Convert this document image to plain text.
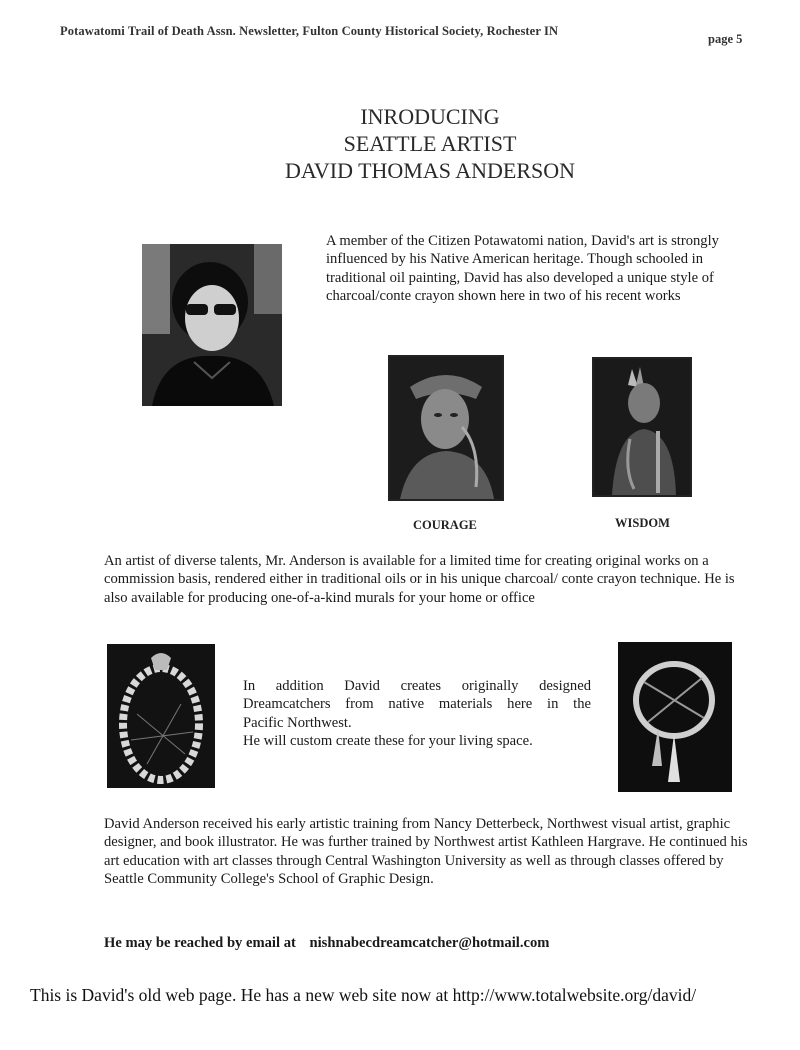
Potawatomi Trail of Death Assn. Newsletter, Fulton County Historical Society, Rochester IN
page 5
INRODUCING
SEATTLE ARTIST
DAVID THOMAS ANDERSON
A member of the Citizen Potawatomi nation, David's art is strongly influenced by his Native American heritage. Though schooled in traditional oil painting, David has also developed a unique style of charcoal/conte crayon shown here in two of his recent works
COURAGE	WISDOM
An artist of diverse talents, Mr. Anderson is available for a limited time for creating original works on a commission basis, rendered either in traditional oils or in his unique charcoal/ conte crayon technique. He is also available for producing one-of-a-kind murals for your home or office
In addition David creates originally designed
Dreamcatchers from native materials here in the
Pacific Northwest.
He will custom create these for your living space.
David Anderson received his early artistic training from Nancy Detterbeck, Northwest visual artist, graphic designer, and book illustrator. He was further trained by Northwest artist Kathleen Hargrave. He continued his art education with art classes through Central Washington University as well as through classes offered by Seattle Community College's School of Graphic Design.
He may be reached by email at nishnabecdreamcatcher@hotmail.com
This is David's old web page. He has a new web site now at http://www.totalwebsite.org/david/
